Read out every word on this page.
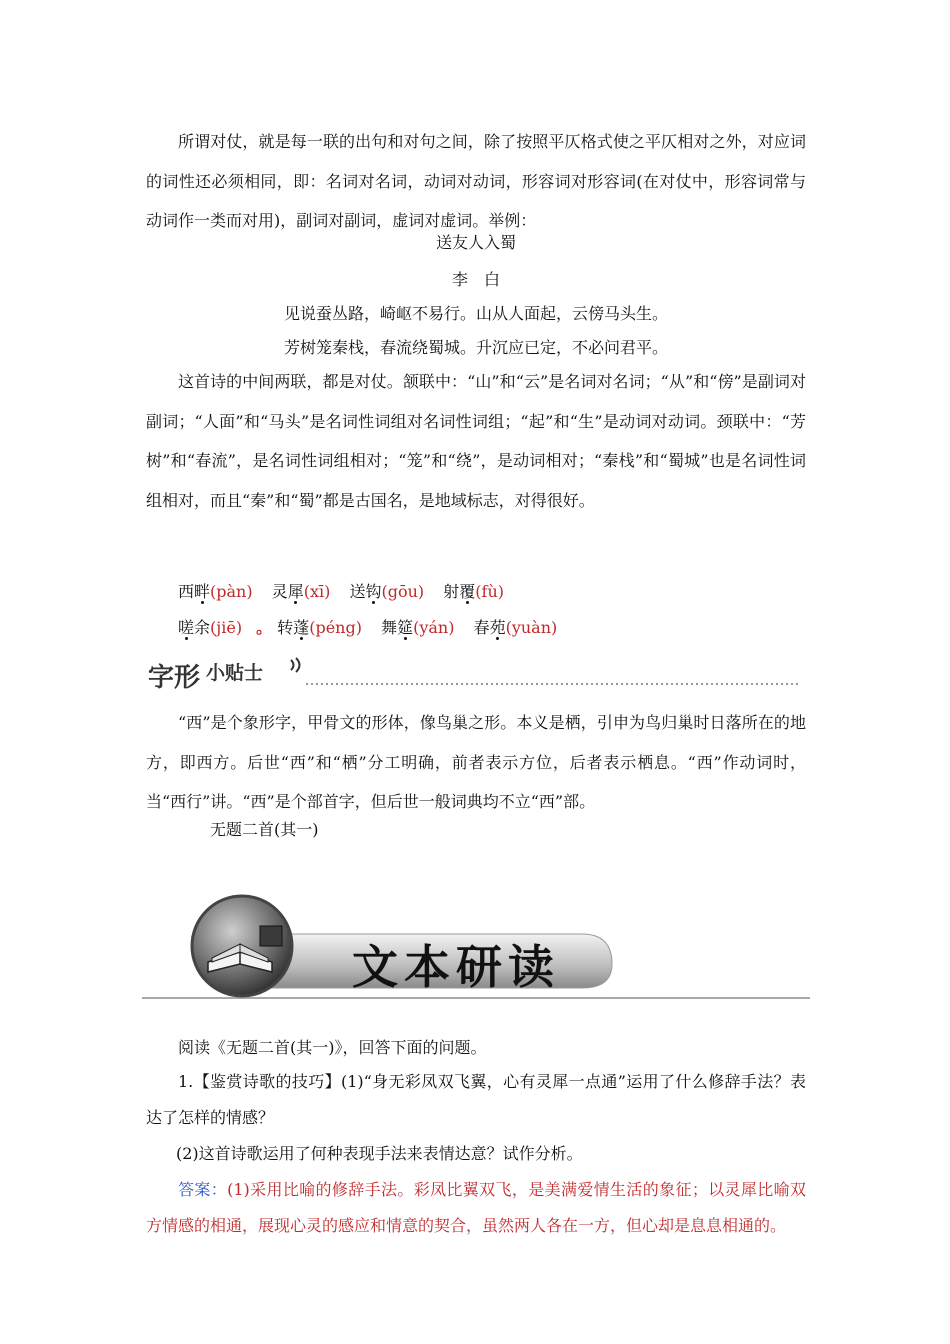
所谓对仗，就是每一联的出句和对句之间，除了按照平仄格式使之平仄相对之外，对应词的词性还必须相同，即：名词对名词，动词对动词，形容词对形容词(在对仗中，形容词常与动词作一类而对用)，副词对副词，虚词对虚词。举例：

送友人入蜀

李　白

见说蚕丛路，崎岖不易行。山从人面起，云傍马头生。

芳树笼秦栈，春流绕蜀城。升沉应已定，不必问君平。

这首诗的中间两联，都是对仗。颔联中：“山”和“云”是名词对名词；“从”和“傍”是副词对副词；“人面”和“马头”是名词性词组对名词性词组；“起”和“生”是动词对动词。颈联中：“芳树”和“春流”，是名词性词组相对；“笼”和“绕”，是动词相对；“秦栈”和“蜀城”也是名词性词组相对，而且“秦”和“蜀”都是古国名，是地域标志，对得很好。

西畔(pàn) 灵犀(xī) 送钩(gōu) 射覆(fù)
嗟余(jiē) 。 转蓬(péng) 舞筵(yán) 春苑(yuàn)
字形 小贴士

“西”是个象形字，甲骨文的形体，像鸟巢之形。本义是栖，引申为鸟归巢时日落所在的地方，即西方。后世“西”和“栖”分工明确，前者表示方位，后者表示栖息。“西”作动词时，当“西行”讲。“西”是个部首字，但后世一般词典均不立“西”部。

无题二首(其一)
文本研读
阅读《无题二首(其一)》，回答下面的问题。

1.【鉴赏诗歌的技巧】(1)“身无彩凤双飞翼，心有灵犀一点通”运用了什么修辞手法？表达了怎样的情感？

(2)这首诗歌运用了何种表现手法来表情达意？试作分析。

答案：(1)采用比喻的修辞手法。彩凤比翼双飞，是美满爱情生活的象征；以灵犀比喻双方情感的相通，展现心灵的感应和情意的契合，虽然两人各在一方，但心却是息息相通的。
